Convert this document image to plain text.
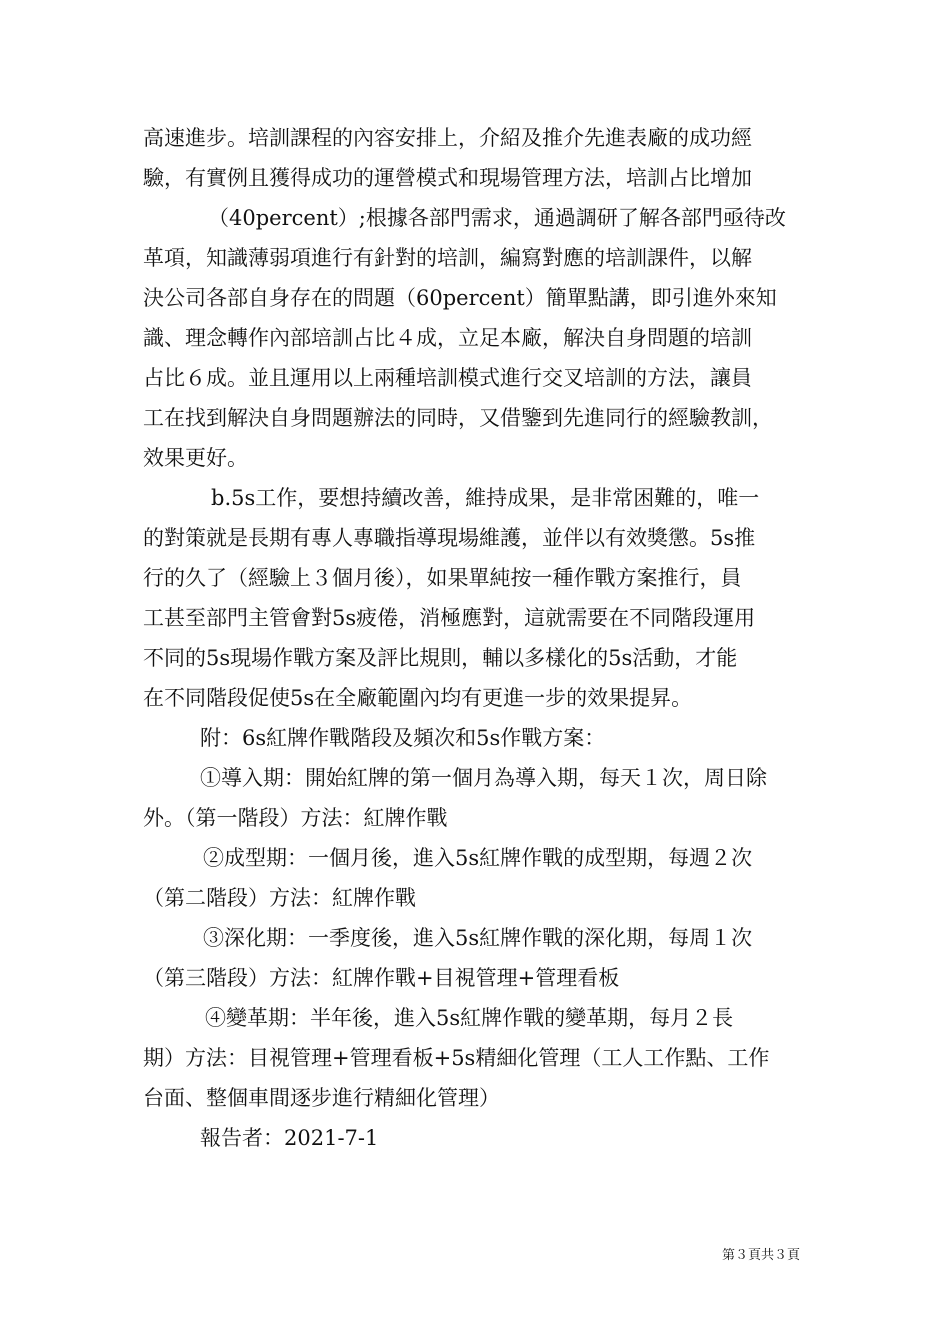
高速進步。培訓課程的內容安排上，介紹及推介先進表廠的成功經
驗，有實例且獲得成功的運營模式和現場管理方法，培訓占比增加
（40percent）;根據各部門需求，通過調研了解各部門亟待改
革項，知識薄弱項進行有針對的培訓，編寫對應的培訓課件，以解
決公司各部自身存在的問題（60percent）簡單點講，即引進外來知
識、理念轉作內部培訓占比４成，立足本廠，解決自身問題的培訓
占比６成。並且運用以上兩種培訓模式進行交叉培訓的方法，讓員
工在找到解決自身問題辦法的同時，又借鑒到先進同行的經驗教訓，
效果更好。
b.5s工作，要想持續改善，維持成果，是非常困難的，唯一
的對策就是長期有專人專職指導現場維護，並伴以有效獎懲。5s推
行的久了（經驗上３個月後），如果單純按一種作戰方案推行，員
工甚至部門主管會對5s疲倦，消極應對，這就需要在不同階段運用
不同的5s現場作戰方案及評比規則，輔以多樣化的5s活動，才能
在不同階段促使5s在全廠範圍內均有更進一步的效果提昇。
附：6s紅牌作戰階段及頻次和5s作戰方案：
①導入期：開始紅牌的第一個月為導入期，每天１次，周日除
外。（第一階段）方法：紅牌作戰
②成型期：一個月後，進入5s紅牌作戰的成型期，每週２次
（第二階段）方法：紅牌作戰
③深化期：一季度後，進入5s紅牌作戰的深化期，每周１次
（第三階段）方法：紅牌作戰+目視管理+管理看板
④變革期：半年後，進入5s紅牌作戰的變革期，每月２長
期）方法：目視管理+管理看板+5s精細化管理（工人工作點、工作
台面、整個車間逐步進行精細化管理）
報告者：2021-7-1
第３頁共３頁
